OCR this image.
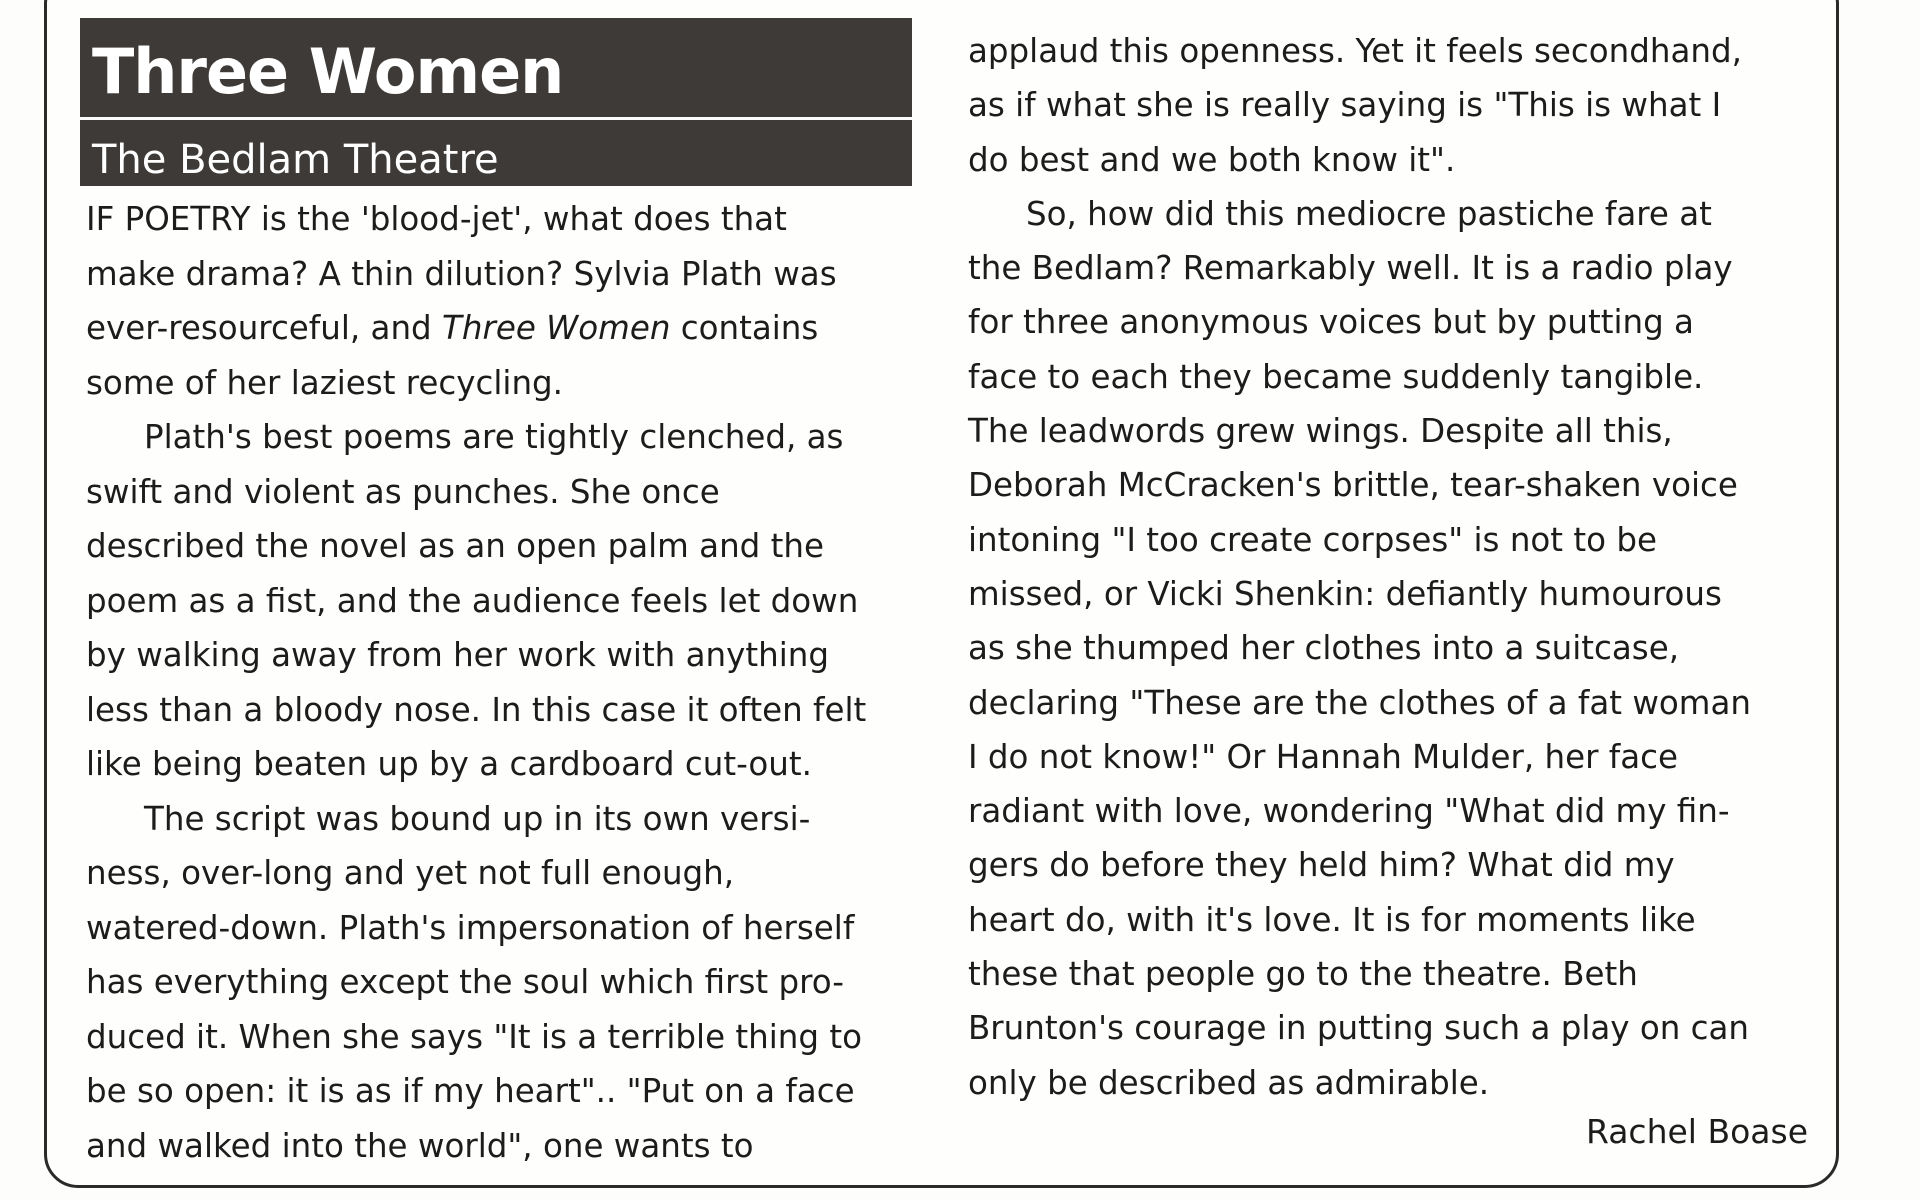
Three Women
The Bedlam Theatre
IF POETRY is the 'blood-jet', what does that
make drama? A thin dilution? Sylvia Plath was
ever-resourceful, and Three Women contains
some of her laziest recycling.
Plath's best poems are tightly clenched, as
swift and violent as punches. She once
described the novel as an open palm and the
poem as a fist, and the audience feels let down
by walking away from her work with anything
less than a bloody nose. In this case it often felt
like being beaten up by a cardboard cut-out.
The script was bound up in its own versi-
ness, over-long and yet not full enough,
watered-down. Plath's impersonation of herself
has everything except the soul which first pro-
duced it. When she says "It is a terrible thing to
be so open: it is as if my heart".. "Put on a face
and walked into the world", one wants to
applaud this openness. Yet it feels secondhand,
as if what she is really saying is "This is what I
do best and we both know it".
So, how did this mediocre pastiche fare at
the Bedlam? Remarkably well. It is a radio play
for three anonymous voices but by putting a
face to each they became suddenly tangible.
The leadwords grew wings. Despite all this,
Deborah McCracken's brittle, tear-shaken voice
intoning "I too create corpses" is not to be
missed, or Vicki Shenkin: defiantly humourous
as she thumped her clothes into a suitcase,
declaring "These are the clothes of a fat woman
I do not know!" Or Hannah Mulder, her face
radiant with love, wondering "What did my fin-
gers do before they held him? What did my
heart do, with it's love. It is for moments like
these that people go to the theatre. Beth
Brunton's courage in putting such a play on can
only be described as admirable.
Rachel Boase
